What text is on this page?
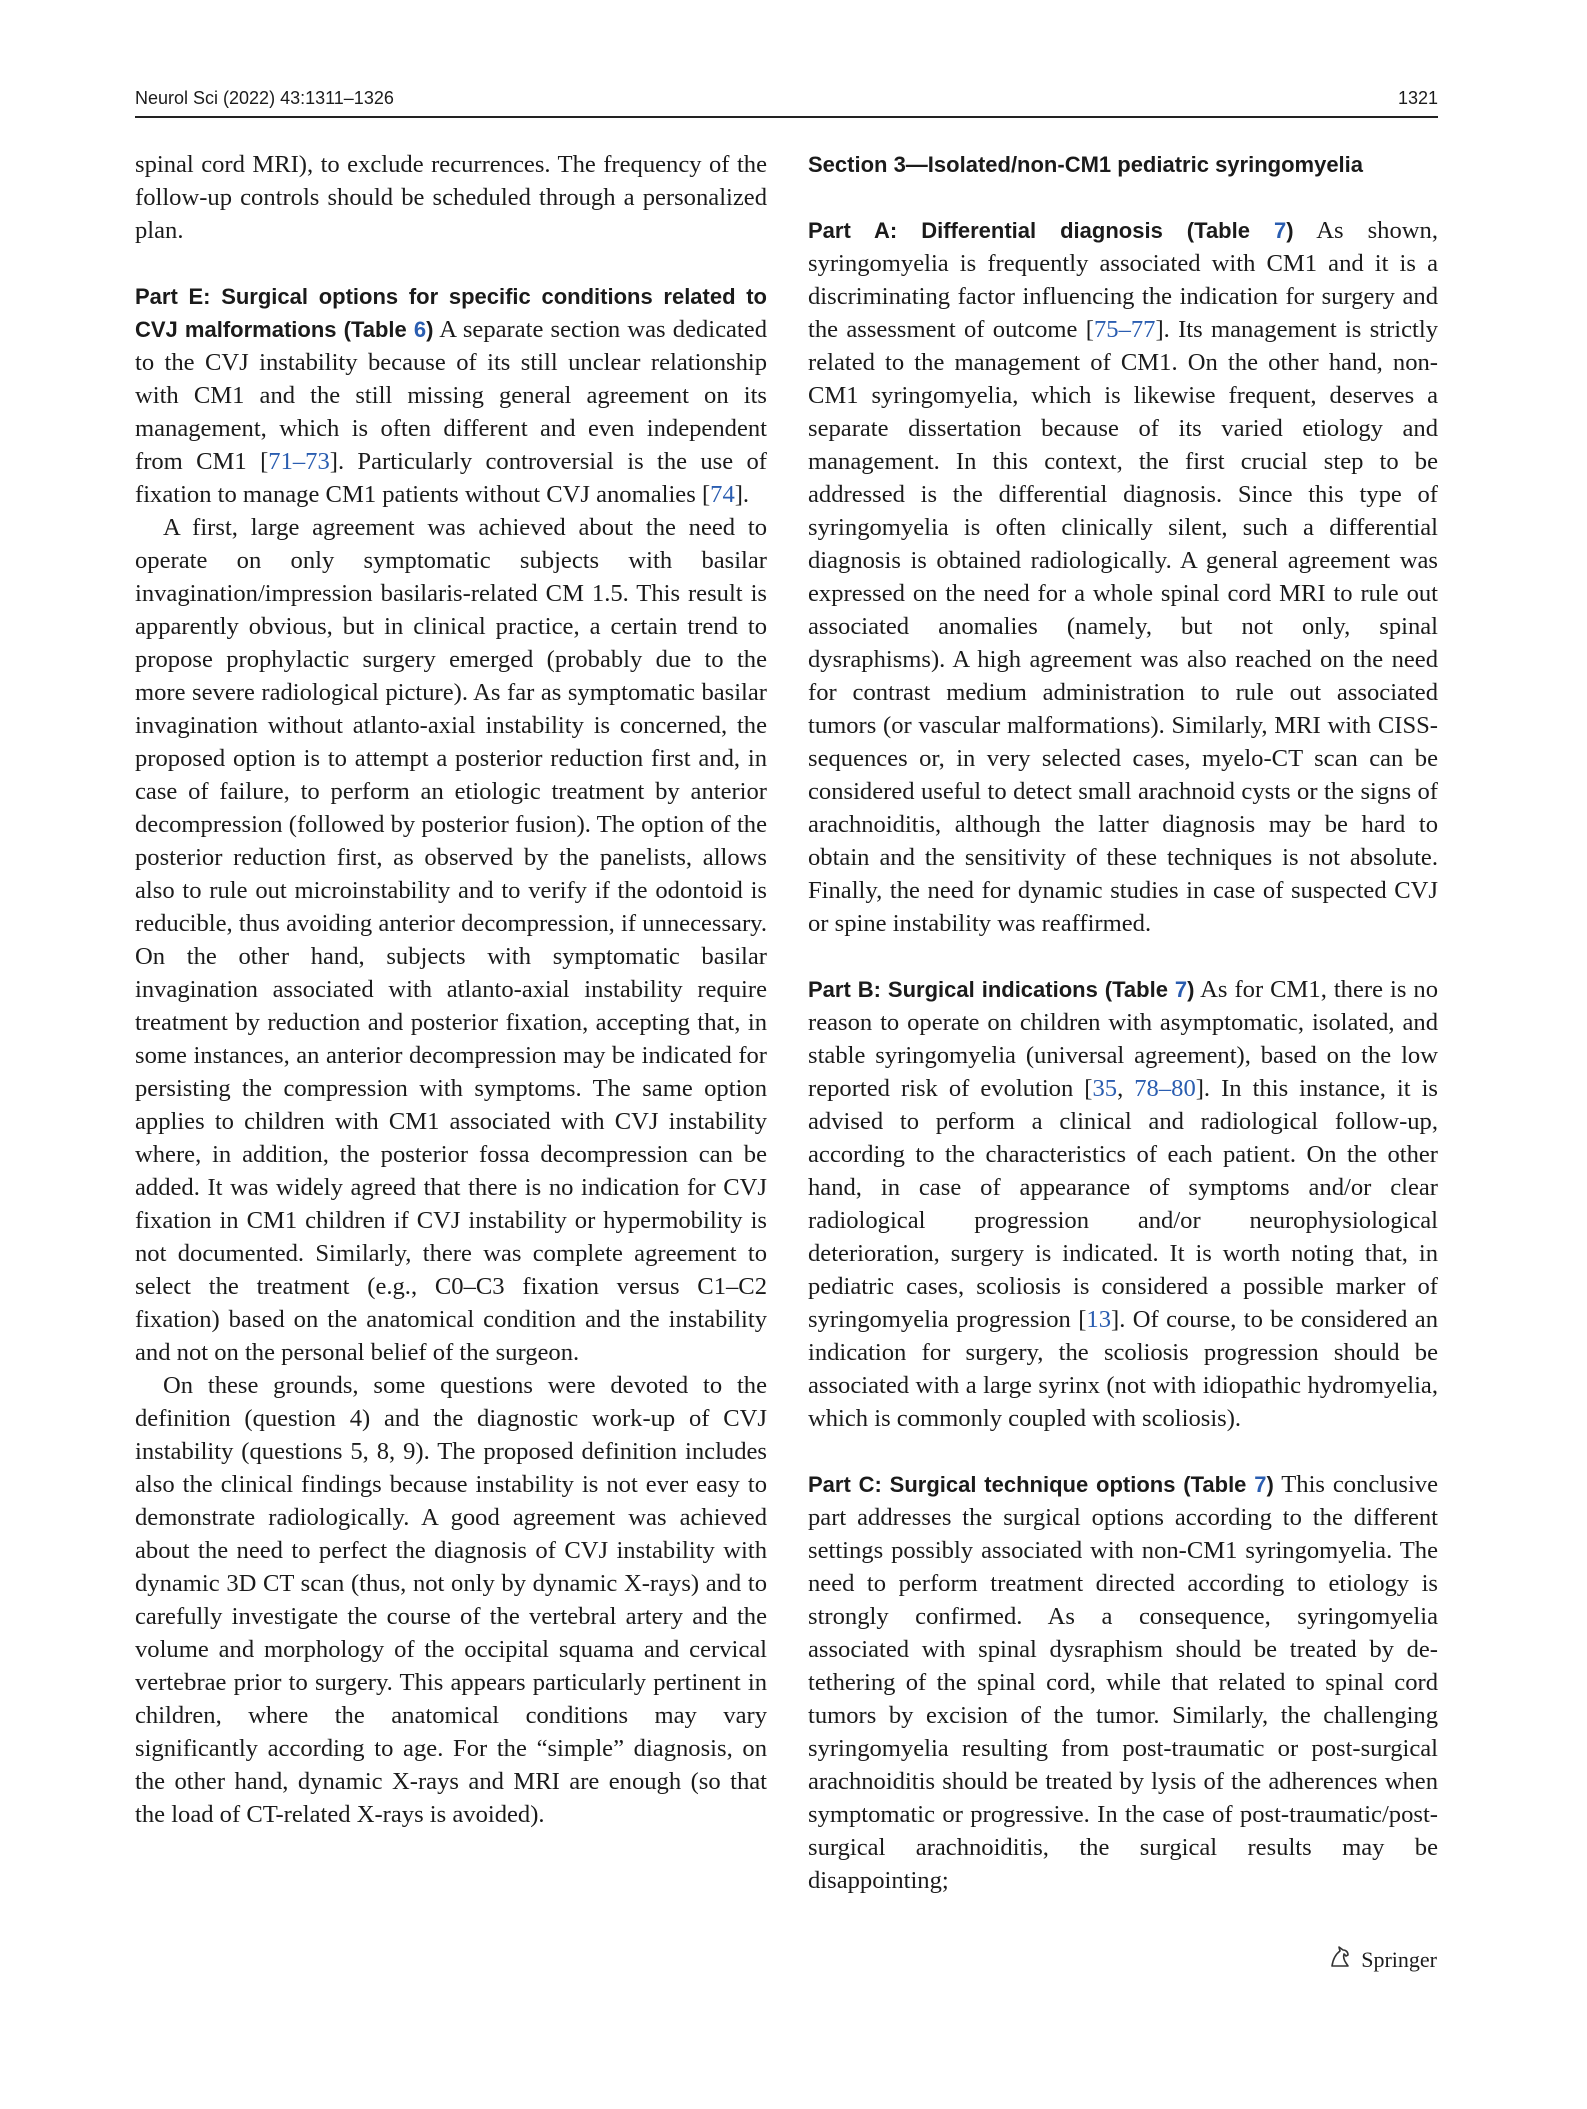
Neurol Sci (2022) 43:1311–1326	1321

spinal cord MRI), to exclude recurrences. The frequency of the follow-up controls should be scheduled through a personalized plan.

Part E: Surgical options for specific conditions related to CVJ malformations (Table 6) A separate section was dedicated to the CVJ instability because of its still unclear relationship with CM1 and the still missing general agreement on its management, which is often different and even independent from CM1 [71–73]. Particularly controversial is the use of fixation to manage CM1 patients without CVJ anomalies [74].

A first, large agreement was achieved about the need to operate on only symptomatic subjects with basilar invagination/impression basilaris-related CM 1.5. This result is apparently obvious, but in clinical practice, a certain trend to propose prophylactic surgery emerged (probably due to the more severe radiological picture). As far as symptomatic basilar invagination without atlanto-axial instability is concerned, the proposed option is to attempt a posterior reduction first and, in case of failure, to perform an etiologic treatment by anterior decompression (followed by posterior fusion). The option of the posterior reduction first, as observed by the panelists, allows also to rule out microinstability and to verify if the odontoid is reducible, thus avoiding anterior decompression, if unnecessary. On the other hand, subjects with symptomatic basilar invagination associated with atlanto-axial instability require treatment by reduction and posterior fixation, accepting that, in some instances, an anterior decompression may be indicated for persisting the compression with symptoms. The same option applies to children with CM1 associated with CVJ instability where, in addition, the posterior fossa decompression can be added. It was widely agreed that there is no indication for CVJ fixation in CM1 children if CVJ instability or hypermobility is not documented. Similarly, there was complete agreement to select the treatment (e.g., C0–C3 fixation versus C1–C2 fixation) based on the anatomical condition and the instability and not on the personal belief of the surgeon.

On these grounds, some questions were devoted to the definition (question 4) and the diagnostic work-up of CVJ instability (questions 5, 8, 9). The proposed definition includes also the clinical findings because instability is not ever easy to demonstrate radiologically. A good agreement was achieved about the need to perfect the diagnosis of CVJ instability with dynamic 3D CT scan (thus, not only by dynamic X-rays) and to carefully investigate the course of the vertebral artery and the volume and morphology of the occipital squama and cervical vertebrae prior to surgery. This appears particularly pertinent in children, where the anatomical conditions may vary significantly according to age. For the “simple” diagnosis, on the other hand, dynamic X-rays and MRI are enough (so that the load of CT-related X-rays is avoided).

Section 3—Isolated/non-CM1 pediatric syringomyelia

Part A: Differential diagnosis (Table 7) As shown, syringomyelia is frequently associated with CM1 and it is a discriminating factor influencing the indication for surgery and the assessment of outcome [75–77]. Its management is strictly related to the management of CM1. On the other hand, non-CM1 syringomyelia, which is likewise frequent, deserves a separate dissertation because of its varied etiology and management. In this context, the first crucial step to be addressed is the differential diagnosis. Since this type of syringomyelia is often clinically silent, such a differential diagnosis is obtained radiologically. A general agreement was expressed on the need for a whole spinal cord MRI to rule out associated anomalies (namely, but not only, spinal dysraphisms). A high agreement was also reached on the need for contrast medium administration to rule out associated tumors (or vascular malformations). Similarly, MRI with CISS-sequences or, in very selected cases, myelo-CT scan can be considered useful to detect small arachnoid cysts or the signs of arachnoiditis, although the latter diagnosis may be hard to obtain and the sensitivity of these techniques is not absolute. Finally, the need for dynamic studies in case of suspected CVJ or spine instability was reaffirmed.

Part B: Surgical indications (Table 7) As for CM1, there is no reason to operate on children with asymptomatic, isolated, and stable syringomyelia (universal agreement), based on the low reported risk of evolution [35, 78–80]. In this instance, it is advised to perform a clinical and radiological follow-up, according to the characteristics of each patient. On the other hand, in case of appearance of symptoms and/or clear radiological progression and/or neurophysiological deterioration, surgery is indicated. It is worth noting that, in pediatric cases, scoliosis is considered a possible marker of syringomyelia progression [13]. Of course, to be considered an indication for surgery, the scoliosis progression should be associated with a large syrinx (not with idiopathic hydromyelia, which is commonly coupled with scoliosis).

Part C: Surgical technique options (Table 7) This conclusive part addresses the surgical options according to the different settings possibly associated with non-CM1 syringomyelia. The need to perform treatment directed according to etiology is strongly confirmed. As a consequence, syringomyelia associated with spinal dysraphism should be treated by de-tethering of the spinal cord, while that related to spinal cord tumors by excision of the tumor. Similarly, the challenging syringomyelia resulting from post-traumatic or post-surgical arachnoiditis should be treated by lysis of the adherences when symptomatic or progressive. In the case of post-traumatic/post-surgical arachnoiditis, the surgical results may be disappointing;

Springer
